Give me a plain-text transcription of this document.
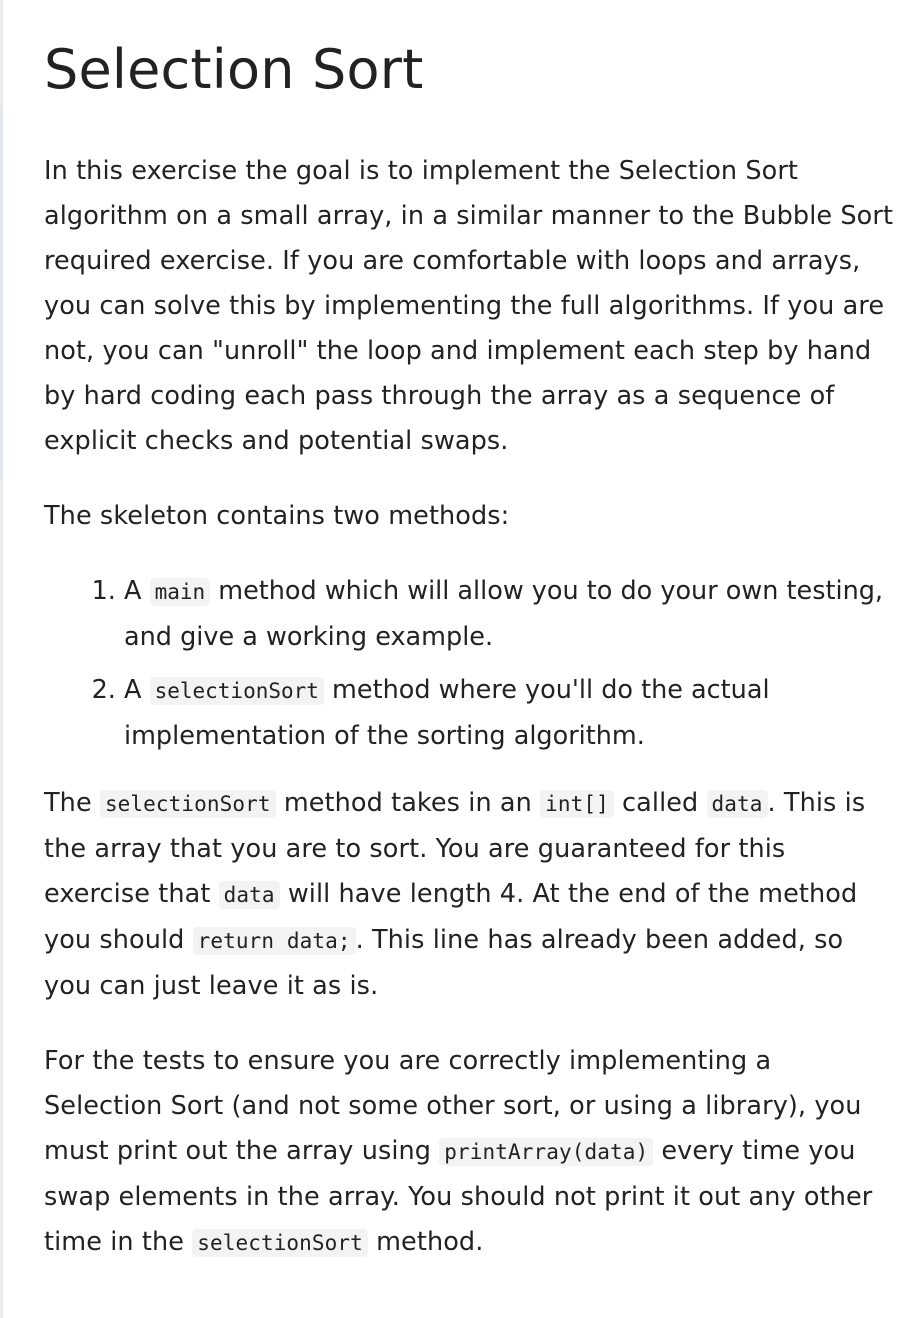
Selection Sort

In this exercise the goal is to implement the Selection Sort algorithm on a small array, in a similar manner to the Bubble Sort required exercise. If you are comfortable with loops and arrays, you can solve this by implementing the full algorithms. If you are not, you can "unroll" the loop and implement each step by hand by hard coding each pass through the array as a sequence of explicit checks and potential swaps.

The skeleton contains two methods:

1. A main method which will allow you to do your own testing, and give a working example.
2. A selectionSort method where you'll do the actual implementation of the sorting algorithm.

The selectionSort method takes in an int[] called data . This is the array that you are to sort. You are guaranteed for this exercise that data will have length 4. At the end of the method you should return data; . This line has already been added, so you can just leave it as is.

For the tests to ensure you are correctly implementing a Selection Sort (and not some other sort, or using a library), you must print out the array using printArray(data) every time you swap elements in the array. You should not print it out any other time in the selectionSort method.
